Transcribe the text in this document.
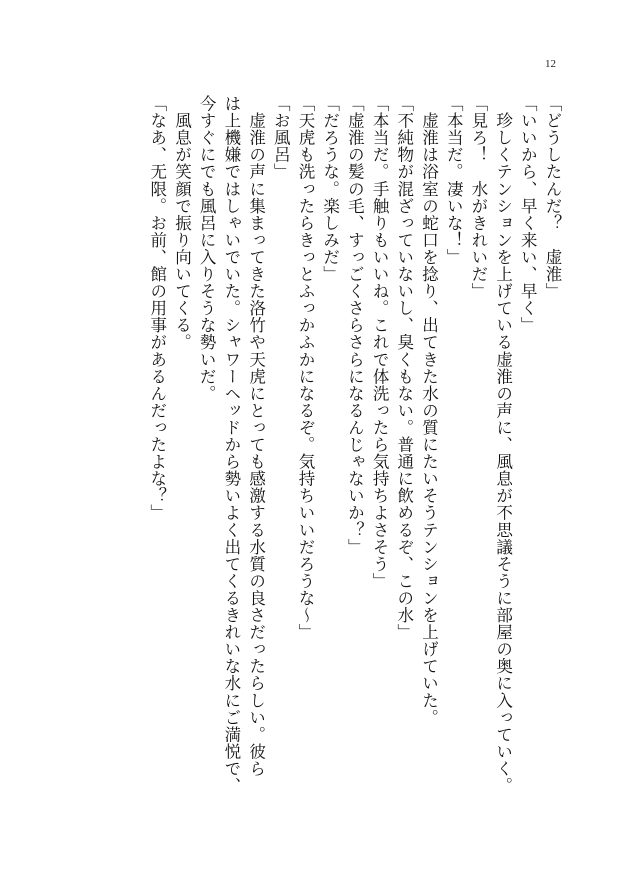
12
「どうしたんだ？　虚淮」
「いいから、早く来い、早く」
　珍しくテンションを上げている虚淮の声に、風息が不思議そうに部屋の奥に入っていく。
「見ろ！　水がきれいだ」
「本当だ。凄いな！」
　虚淮は浴室の蛇口を捻り、出てきた水の質にたいそうテンションを上げていた。
「不純物が混ざっていないし、臭くもない。普通に飲めるぞ、この水」
「本当だ。手触りもいいね。これで体洗ったら気持ちよさそう」
「虚淮の髪の毛、すっごくさらさらになるんじゃないか？」
「だろうな。楽しみだ」
「天虎も洗ったらきっとふっかふかになるぞ。気持ちいいだろうな～」
「お風呂」
　虚淮の声に集まってきた洛竹や天虎にとっても感激する水質の良さだったらしい。彼ら
は上機嫌ではしゃいでいた。シャワーヘッドから勢いよく出てくるきれいな水にご満悦で、
今すぐにでも風呂に入りそうな勢いだ。
　風息が笑顔で振り向いてくる。
「なあ、无限。お前、館の用事があるんだったよな？」
